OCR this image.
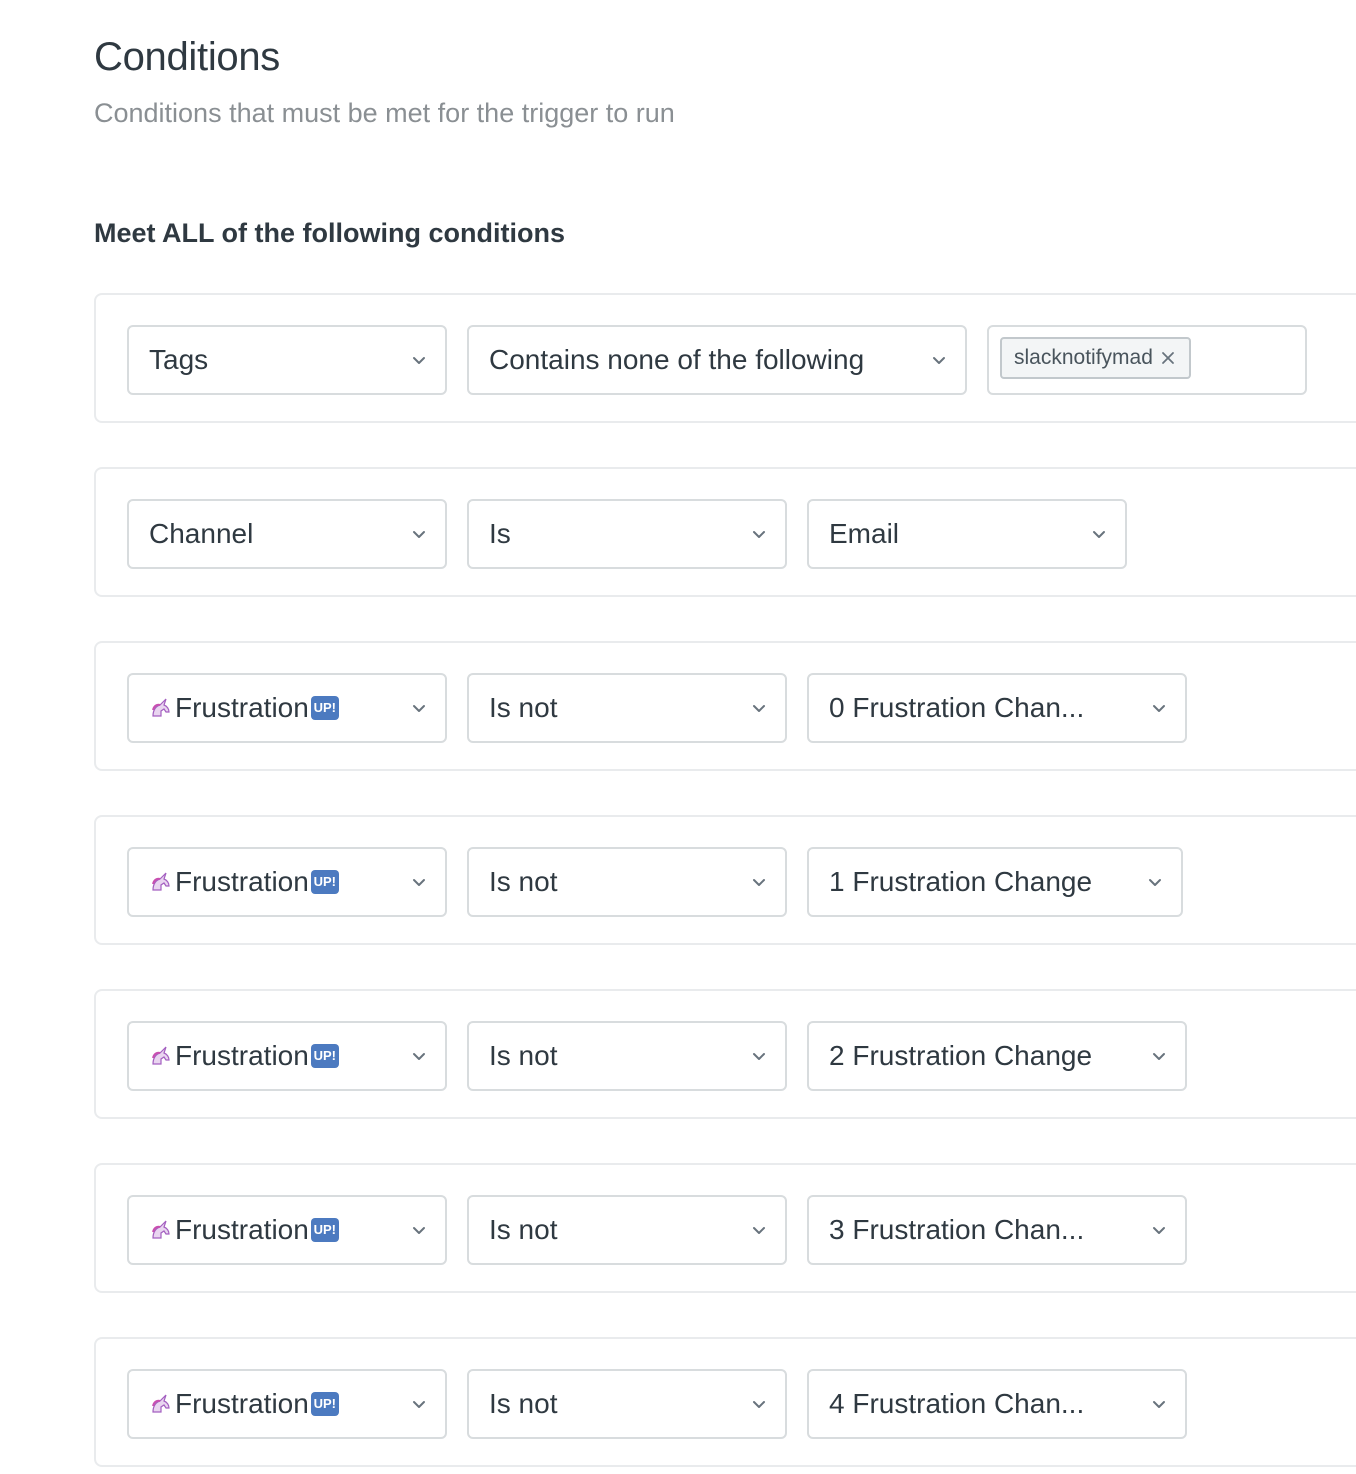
Conditions
Conditions that must be met for the trigger to run
Meet ALL of the following conditions
Tags	Contains none of the following	slacknotifymad
Channel	Is	Email
Frustration UP!	Is not	0 Frustration Chan...
Frustration UP!	Is not	1 Frustration Change
Frustration UP!	Is not	2 Frustration Change
Frustration UP!	Is not	3 Frustration Chan...
Frustration UP!	Is not	4 Frustration Chan...
